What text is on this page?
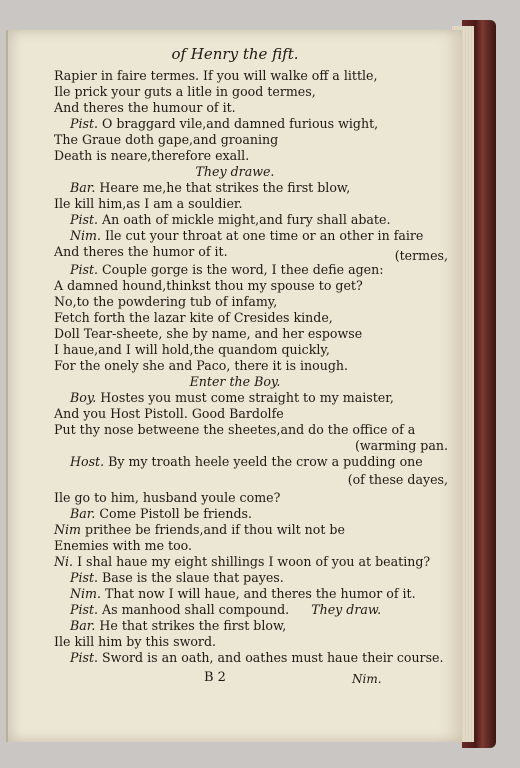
of Henry the fift.
Rapier in faire termes. If you will walke off a little,
Ile prick your guts a litle in good termes,
And theres the humour of it.
Pist. O braggard vile,and damned furious wight,
The Graue doth gape,and groaning
Death is neare,therefore exall.
They drawe.
Bar. Heare me,he that strikes the first blow,
Ile kill him,as I am a souldier.
Pist. An oath of mickle might,and fury shall abate.
Nim. Ile cut your throat at one time or an other in faire
And theres the humor of it.	(termes,
Pist. Couple gorge is the word, I thee defie agen:
A damned hound,thinkst thou my spouse to get?
No,to the powdering tub of infamy,
Fetch forth the lazar kite of Cresides kinde,
Doll Tear-sheete, she by name, and her espowse
I haue,and I will hold,the quandom quickly,
For the onely she and Paco, there it is inough.
Enter the Boy.
Boy. Hostes you must come straight to my maister,
And you Host Pistoll. Good Bardolfe
Put thy nose betweene the sheetes,and do the office of a
(warming pan.
Host. By my troath heele yeeld the crow a pudding one
(of these dayes,
Ile go to him, husband youle come?
Bar. Come Pistoll be friends.
Nim prithee be friends,and if thou wilt not be
Enemies with me too.
Ni. I shal haue my eight shillings I woon of you at beating?
Pist. Base is the slaue that payes.
Nim. That now I will haue, and theres the humor of it.
Pist. As manhood shall compound. They draw.
Bar. He that strikes the first blow,
Ile kill him by this sword.
Pist. Sword is an oath, and oathes must haue their course.
B 2	Nim.
